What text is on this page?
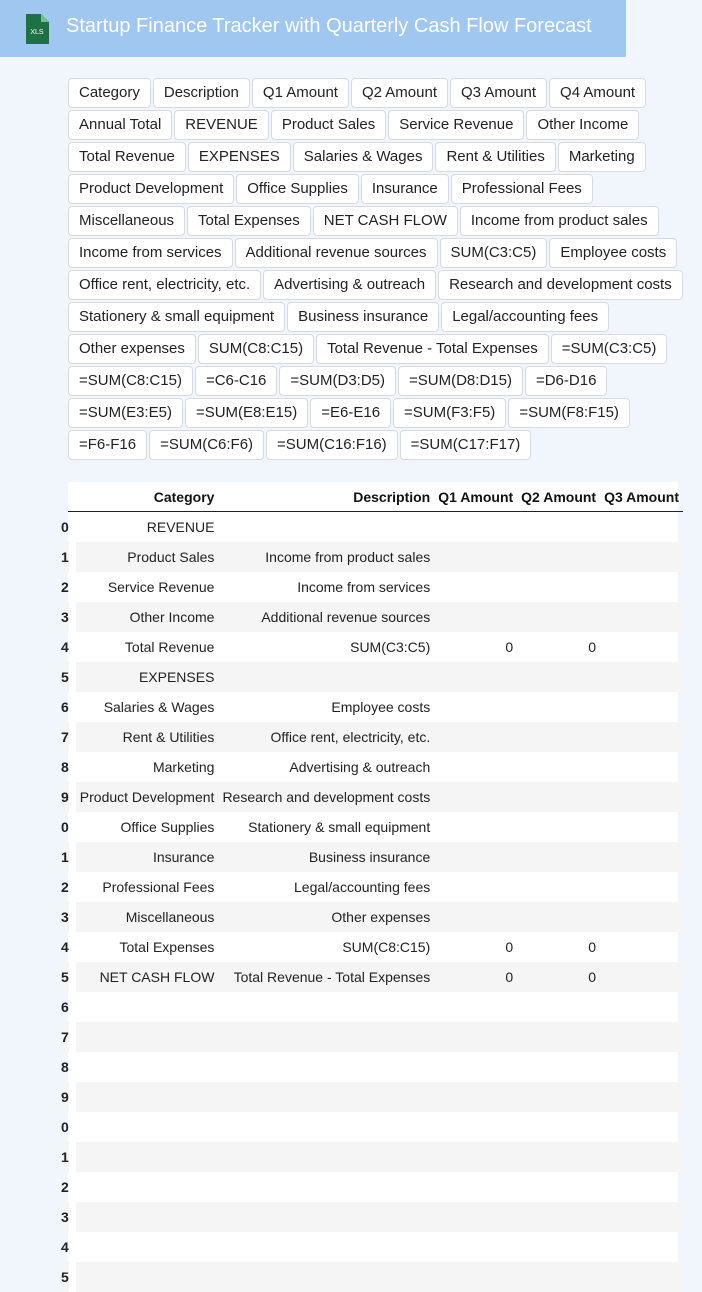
XLS Startup Finance Tracker with Quarterly Cash Flow Forecast
Category	Description	Q1 Amount	Q2 Amount	Q3 Amount	Q4 Amount
Annual Total	REVENUE	Product Sales	Service Revenue	Other Income
Total Revenue	EXPENSES	Salaries & Wages	Rent & Utilities	Marketing
Product Development	Office Supplies	Insurance	Professional Fees
Miscellaneous	Total Expenses	NET CASH FLOW	Income from product sales
Income from services	Additional revenue sources	SUM(C3:C5)	Employee costs
Office rent, electricity, etc.	Advertising & outreach	Research and development costs
Stationery & small equipment	Business insurance	Legal/accounting fees
Other expenses	SUM(C8:C15)	Total Revenue - Total Expenses	=SUM(C3:C5)
=SUM(C8:C15)	=C6-C16	=SUM(D3:D5)	=SUM(D8:D15)	=D6-D16
=SUM(E3:E5)	=SUM(E8:E15)	=E6-E16	=SUM(F3:F5)	=SUM(F8:F15)
=F6-F16	=SUM(C6:F6)	=SUM(C16:F16)	=SUM(C17:F17)
	Category	Description	Q1 Amount	Q2 Amount	Q3 Amount
0	REVENUE				
1	Product Sales	Income from product sales			
2	Service Revenue	Income from services			
3	Other Income	Additional revenue sources			
4	Total Revenue	SUM(C3:C5)	0	0	
5	EXPENSES				
6	Salaries & Wages	Employee costs			
7	Rent & Utilities	Office rent, electricity, etc.			
8	Marketing	Advertising & outreach			
9	Product Development	Research and development costs			
0	Office Supplies	Stationery & small equipment			
1	Insurance	Business insurance			
2	Professional Fees	Legal/accounting fees			
3	Miscellaneous	Other expenses			
4	Total Expenses	SUM(C8:C15)	0	0	
5	NET CASH FLOW	Total Revenue - Total Expenses	0	0	
6					
7					
8					
9					
0					
1					
2					
3					
4					
5					
